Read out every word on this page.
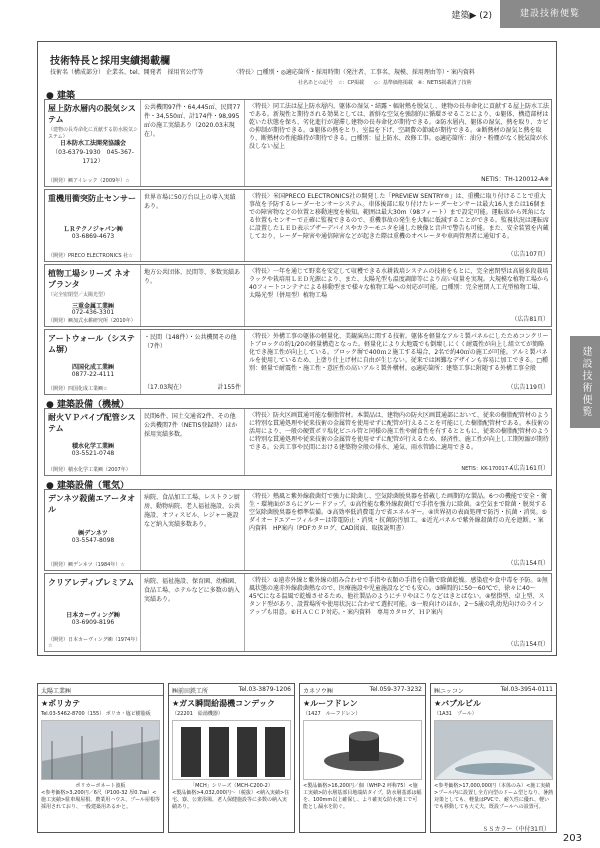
建築▶ (2)	建設技術便覧
建設技術便覧
技術特長と採用実績掲載欄
技術名（構成部分） 企業名、tel、開発者　採用官公庁等	〈特長〉□種別・◎適応箇所・採用時期（発注者、工事名、規模、採用理由等）・案内資料
社名あとの記号　☆：CP掲載　　◇：基準価格掲載　※：NETIS掲載済了技術
● 建築
屋上防水層内の脱気システム
（建物の長寿命化に貢献する防水脱気システム）
日本防水工法開発協議会
（03-6379-1930　045-367-1712）
（開発）㈱アイレック（2009年）☆
公共機関97件・64,445㎡、民間77件・34,550㎡、計174件・98,995㎡の施工実績あり（2020.03末現在）。
〈特長〉同工法は屋上防水層内、躯体の湿気・結露・輻射熱を脱気し、建物の長寿命化に貢献する屋上防水工法である。新規性と期待される効果としては、新鮮な空気を強制的に循環させることにより、①躯体、構造部材は乾いた状態を保ち、劣化進行が遅滞し建物の長寿命化が期待できる。②防水層内、躯体の湿気、熱を取り、カビの抑制が期待できる。③躯体の熱をとり、室温を下げ、空調費の節減が期待できる。④断熱材の湿気と熱を取り、断熱材の性能維持が期待できる。□種別：屋上防水、改修工事。◎適応箇所：油分・粉塵がなく脱気筒が水没しない屋上
NETIS：TH-120012-A※
重機用衝突防止センサー
ＬＲテクノジャパン㈱
03-6869-4673
（開発）PRECO ELECTRONICS 社☆
世界市場に50万台以上の導入実績あり。
〈特長〉米国PRECO ELECTRONICS社の開発した「PREVIEW SENTRY®」は、重機に取り付けることで重大事故を予防するレーダーセンサーシステム。車体後部に取り付けたレーダーセンサーは最大16人または16個までの障害物などの位置と移動速度を検知。範囲は最大30m（98フィート）まで設定可能。運転席から死角になる位置もセンサーで正確に監視できるので、重機事故の発生を大幅に低減することができる。監視状況は運転席に設置したＬＥＤ表示ブザーデバイスやカラーモニタを通した映像と音声で警告も可能。また、安全装置を内蔵しており、レーダー障害や通信障害などが起きた際は重機のオペレータや車両管理者に通知する。
（広告107頁）
植物工場シリーズ ネオプランタ
（完全密閉型／太陽光型）
三重金属工業㈱
072-436-3301
（開発）㈱加式水耕研究所（2010年）
地方公共団体、民間等、多数実績あり。
〈特長〉一年を通じて野菜を安定して収穫できる水耕栽培システムの技術をもとに、完全密閉型は高層多段栽培ラックや栽培用ＬＥＤ光源により、また、太陽光型も温度調節等により高い収量を実現。大規模な植物工場から40フィートコンテナによる移動型まで様々な植物工場への対応が可能。□種別：完全密閉人工光型植物工場、太陽光型（併用型）植物工場
（広告81頁）
アートウォール（システム塀）
四国化成工業㈱
0877-22-4111
（開発）四国化成工業㈱☆
・民間（148件）・公共機関その他（7件）
（17.03現在）	計155件
〈特長〉外構工事の躯体の軽量化、美観演出に関する技術。躯体を軽量なアルミ製パネルにしたためコンクリートブロックの約1/20の軽量構造となった。軽量化により大地震でも倒壊しにくく耐震性が向上し組立てが簡略化でき施工性が向上している。ブロック塀で400ｍ２施工する場合、2名で約40㎡の施工が可能。アルミ製パネルを使用しているため、上塗り仕上げ材に自由が生じない。従来では困難なデザインも容易に加工できる。□種別：軽量で耐震性・施工性・意匠性の高いアルミ製外構材。◎適応箇所：建築工事に附随する外構工事全般
（広告119頁）
● 建築設備（機械）
耐火ＶＰパイプ配管システム
積水化学工業㈱
03-5521-0748
（開発）積水化学工業㈱（2007年）
民間6件、国土交通省2件、その他公共機関7件（NETIS登録時）ほか採用実績多数。
〈特長〉防火区画貫通可能な樹脂管材。本製品は、建物内の防火区画貫通部において、従来の樹脂配管材のように特別な貫通処理や従来技術の金属管を使用せずに配管が行えることを可能にした樹脂配管材である。本技術の活用により、一般の硬質ポリ塩化ビニル管と同様の施工性や耐食性を有するとともに、従来の樹脂配管材のように特別な貫通処理や従来技術の金属管を使用せずに配管が行えるため、経済性、施工性が向上し工期短縮が期待できる。公共工事や民間における建築物全般の排水、通気、雨水管路に適用できる。
NETIS：KK-170017-A
（広告161頁）
● 建築設備（電気）
デンネツ殺菌エアータオル
㈱デンネツ
03-5547-8098
（開発）㈱デンネツ（1984年）☆
病院、食品加工工場、レストラン厨房、動物病院、老人福祉施設、公共施設、オフィスビル、レジャー施設など納入実績多数あり。
〈特長〉熱風と紫外線殺菌灯で強力に除菌し、空気除菌脱臭器を搭載した画期的な製品。6つの機能で安全・衛生・環境面がさらにグレードアップ。①高性能な紫外線殺菌灯で手指を強力に除菌。②空気まで除菌・脱臭する空気除菌脱臭器を標準装備。③高効率低消費電力で省エネルギー。④世界初の表面処理で防汚・抗菌・消臭。⑤ダイオードエアーフィルターは帯電防止・消臭・抗菌防汚加工。⑥近光パネルで紫外線殺菌灯の光を遮断。・案内資料　HP案内（PDFカタログ、CAD図面、取扱説明書）
（広告154頁）
クリアレディプレミアム
日本カーヴィング㈱
03-6909-8196
（開発）日本カーヴィング㈱（1974年）☆
病院、福祉施設、保育園、幼稚園、食品工場、ホテルなどに多数の納入実績あり。
〈特長〉①遠赤外線と紫外線の組み合わせで手指や衣類の手指を自動で除菌乾燥。感染症や食中毒を予防。②無風状態の遠赤外線殺菌熱なので、医療施設や児童施設などでも安心。③瞬間的に50〜60℃で、徐々に40〜45℃になる温風で乾燥させるため、他社製品のようにチリやほこりなどはきとばない。④壁掛型、卓上型、スタンド型があり、設置場所や使用状況に合わせて選択可能。⑤一般向けのほか、2〜5歳の乳幼児向けのラインアップも用意。⑥ＨＡＣＣＰ対応。・案内資料　専用カタログ、ＨＰ案内
（広告154頁）
太陽工業㈱
★ポリカテ
Tel.03-5462-8700（155） ポリカ・塩ビ樹脂板
ポリカーボネート波板
<参考価格>3,200円／6尺（P100-32 厚0.7㎜）<施工実績>駐車場屋根、農業用ハウス、プール屋根等採用されており、一般建築用あるかと。
㈱前田鉄工所	Tel.03-3879-1206
★ガス瞬間給湯機コンデック
（22201　給湯機器）
「MCH」シリーズ（MCH-C200-2）
<製品価格>4,032,000円〜（税抜）<納入実績>住宅、寮、公衆浴場、老人保健施設等に多数の納入実績あり。
カネソウ㈱	Tel.059-377-3232
★ルーフドレン
（1427　ルーフドレン）
<製品価格>16,200円／個（WHP-2 呼称75）<施工実績>防水層基部目地端結タイプ。防水層基部は幅を、100mm以上確保し、より確実な防水施工で可能とし漏水を防ぐ。
㈱ニッコン	Tel.03-3954-0111
★バブルビル
（1A31　プール）
<参考価格>17,000,000円（本体のみ）<施工実績>プール内に設置し全方向型のドーム型となり、暑熱対策としても、軽量はPVCで、耐久性に優れ、軽いでも移動しても大丈夫。既設プールへの設置可。
ＳＳカラー（中付31頁）
203
